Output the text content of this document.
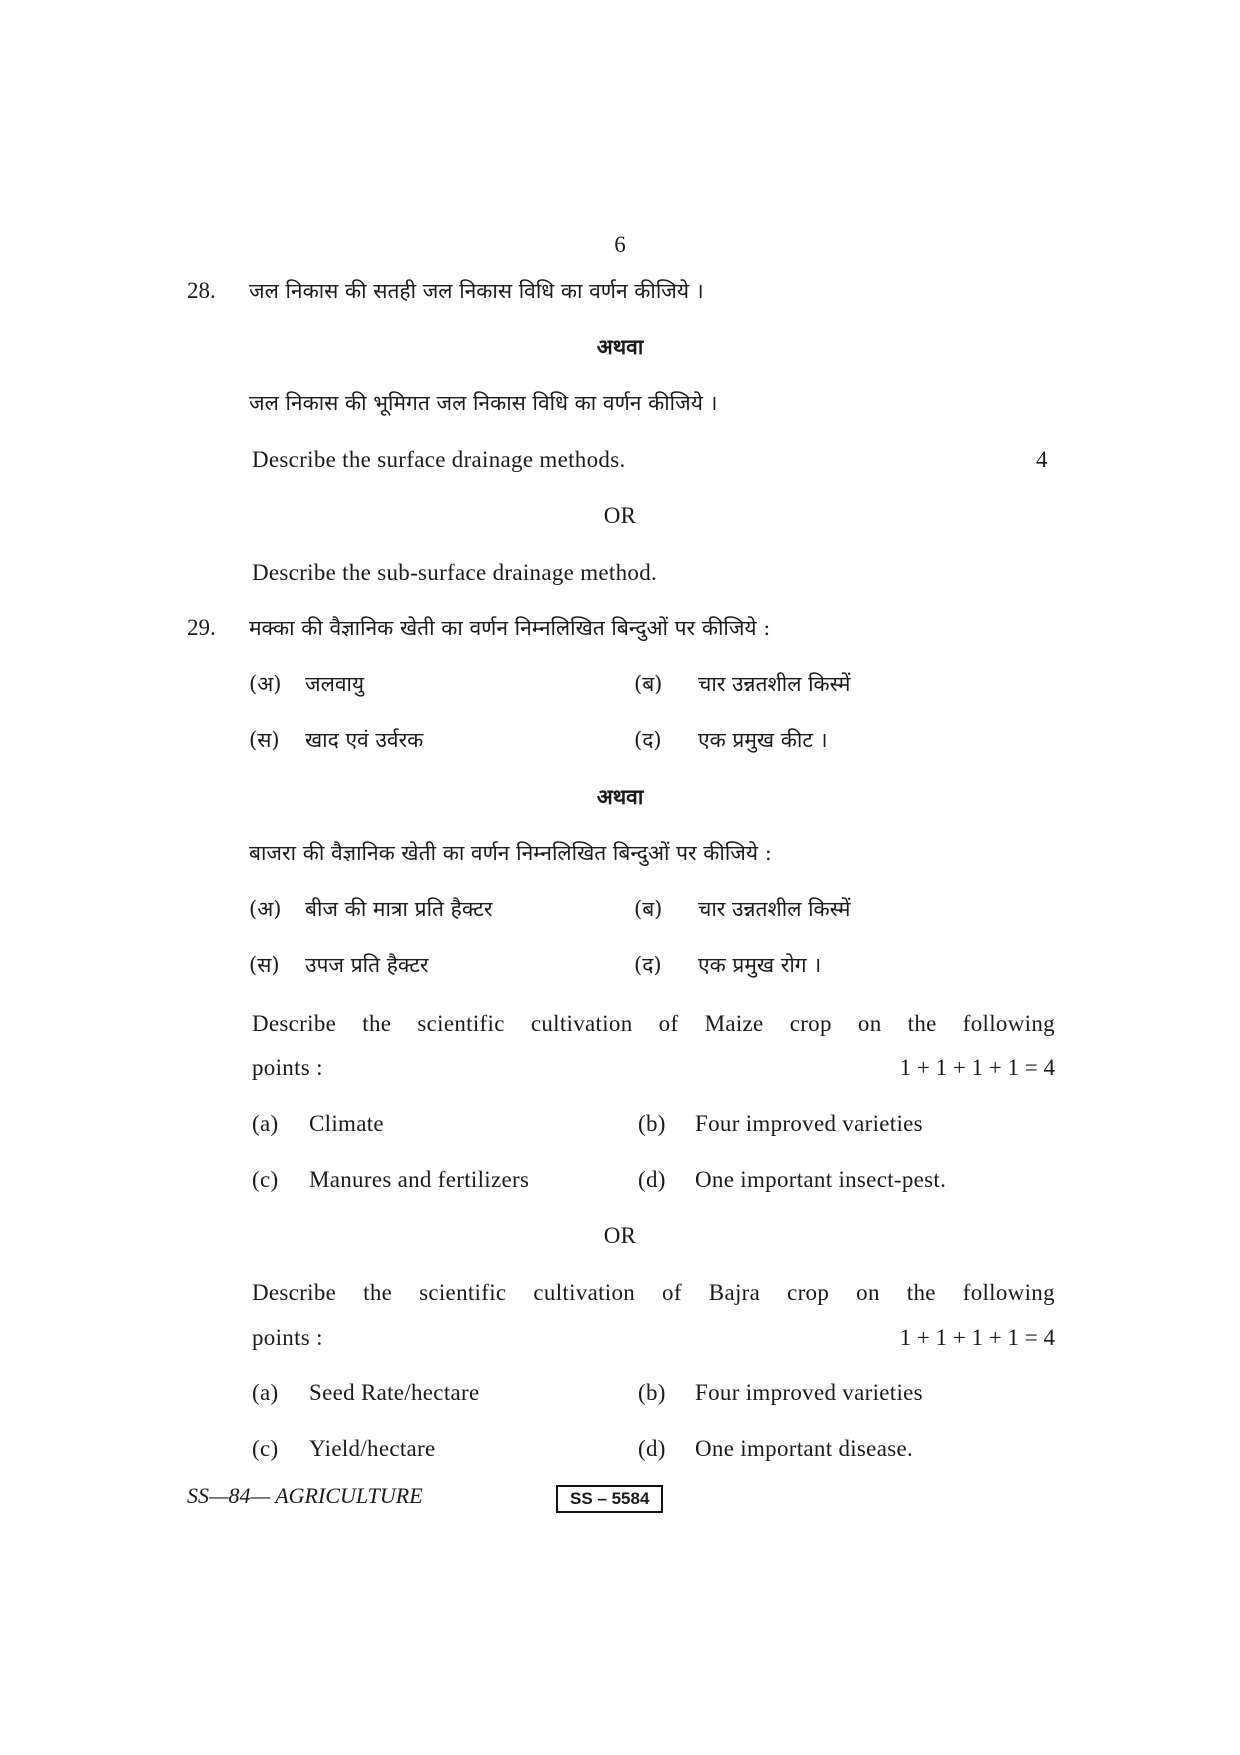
6
28. जल निकास की सतही जल निकास विधि का वर्णन कीजिये ।
अथवा
जल निकास की भूमिगत जल निकास विधि का वर्णन कीजिये ।
Describe the surface drainage methods.	4
OR
Describe the sub-surface drainage method.
29. मक्का की वैज्ञानिक खेती का वर्णन निम्नलिखित बिन्दुओं पर कीजिये :
(अ) जलवायु	(ब) चार उन्नतशील किस्में
(स) खाद एवं उर्वरक	(द) एक प्रमुख कीट ।
अथवा
बाजरा की वैज्ञानिक खेती का वर्णन निम्नलिखित बिन्दुओं पर कीजिये :
(अ) बीज की मात्रा प्रति हैक्टर	(ब) चार उन्नतशील किस्में
(स) उपज प्रति हैक्टर	(द) एक प्रमुख रोग ।
Describe the scientific cultivation of Maize crop on the following
points :	1 + 1 + 1 + 1 = 4
(a) Climate	(b) Four improved varieties
(c) Manures and fertilizers	(d) One important insect-pest.
OR
Describe the scientific cultivation of Bajra crop on the following
points :	1 + 1 + 1 + 1 = 4
(a) Seed Rate/hectare	(b) Four improved varieties
(c) Yield/hectare	(d) One important disease.
SS—84— AGRICULTURE	SS – 5584
